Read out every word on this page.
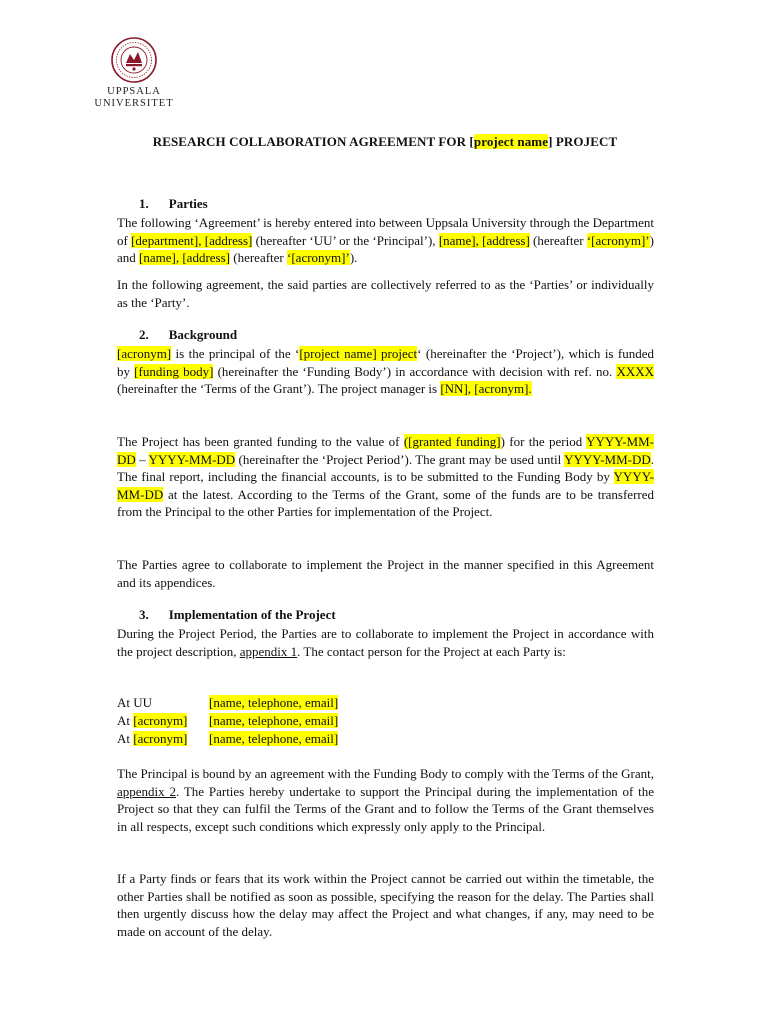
UPPSALA
UNIVERSITET
RESEARCH COLLABORATION AGREEMENT FOR [project name] PROJECT
1. Parties

The following ‘Agreement’ is hereby entered into between Uppsala University through the Department of [department], [address] (hereafter ‘UU’ or the ‘Principal’), [name], [address] (hereafter ‘[acronym]’) and [name], [address] (hereafter ‘[acronym]’).

In the following agreement, the said parties are collectively referred to as the ‘Parties’ or individually as the ‘Party’.

2. Background

[acronym] is the principal of the ‘[project name] project‘ (hereinafter the ‘Project’), which is funded by [funding body] (hereinafter the ‘Funding Body’) in accordance with decision with ref. no. XXXX (hereinafter the ‘Terms of the Grant’). The project manager is [NN], [acronym].

The Project has been granted funding to the value of ([granted funding]) for the period YYYY-MM-DD – YYYY-MM-DD (hereinafter the ‘Project Period’). The grant may be used until YYYY-MM-DD. The final report, including the financial accounts, is to be submitted to the Funding Body by YYYY-MM-DD at the latest. According to the Terms of the Grant, some of the funds are to be transferred from the Principal to the other Parties for implementation of the Project.

The Parties agree to collaborate to implement the Project in the manner specified in this Agreement and its appendices.

3. Implementation of the Project

During the Project Period, the Parties are to collaborate to implement the Project in accordance with the project description, appendix 1. The contact person for the Project at each Party is:

At UU	[name, telephone, email]
At [acronym]	[name, telephone, email]
At [acronym]	[name, telephone, email]

The Principal is bound by an agreement with the Funding Body to comply with the Terms of the Grant, appendix 2. The Parties hereby undertake to support the Principal during the implementation of the Project so that they can fulfil the Terms of the Grant and to follow the Terms of the Grant themselves in all respects, except such conditions which expressly only apply to the Principal.

If a Party finds or fears that its work within the Project cannot be carried out within the timetable, the other Parties shall be notified as soon as possible, specifying the reason for the delay. The Parties shall then urgently discuss how the delay may affect the Project and what changes, if any, may need to be made on account of the delay.
